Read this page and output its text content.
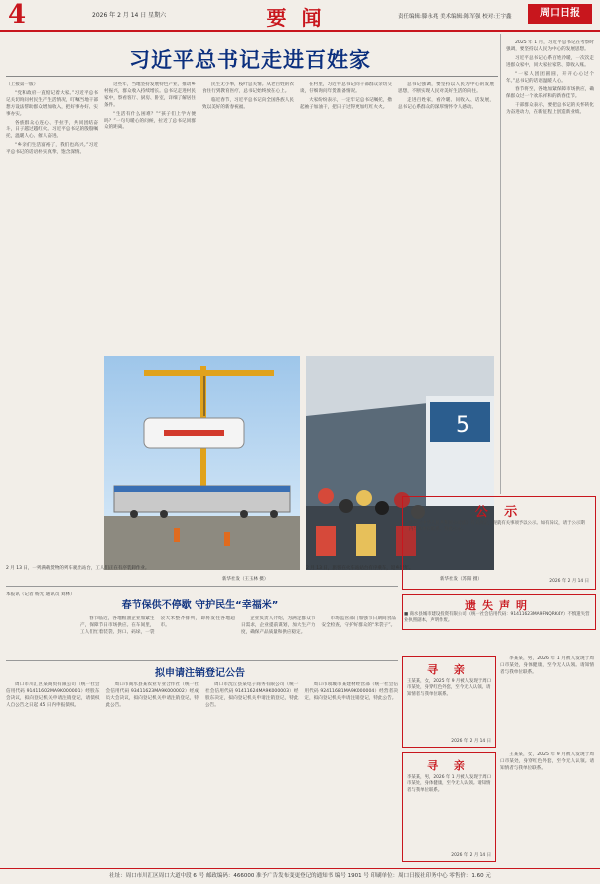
4	2026 年 2 月 14 日 星期六	要 闻	责任编辑:滕永兆 美术编辑:陈军强 校对:王宇鑫	周口日报
习近平总书记走进百姓家

（上接第一版）

“党和政府一直惦记着大家。”习近平总书记关切询问村民生产生活情况，叮嘱当地干部想方设法帮助群众增加收入，把好事办好、实事办实。

各族群众心连心、手拉手，共同团结奋斗，日子越过越红火。习近平总书记的殷殷嘱托，温暖人心、催人奋进。

“乡亲们生活富裕了，我们也高兴。”习近平总书记的话语朴实真挚，饱含深情。

这些年，当地坚持发展特色产业，推动乡村振兴，群众收入持续增长。总书记走进村民家中，察看客厅、厨房、卧室，详细了解居住条件。

“生活有什么困难？”“孩子们上学方便吗？”一句句暖心的问候，拉近了总书记同群众的距离。

民生无小事，枝叶总关情。从老百姓的衣食住行到教育医疗，总书记始终放在心上。

临近春节，习近平总书记向全国各族人民致以美好的新春祝福。

在村里，习近平总书记同干部群众亲切交谈，仔细询问年货准备情况。

大家纷纷表示，一定牢记总书记嘱托，撸起袖子加油干，把日子过得更加红红火火。

总书记强调，要坚持以人民为中心的发展思想，不断实现人民对美好生活的向往。

走进百姓家，看冷暖、问收入、话发展，总书记心系群众的深厚情怀令人感动。

2 月 13 日，一列满载货物的列车驶出站台，工人们正在有序装卸作业。
新华社发（王玉林 摄）
5
2 月 13 日，旅客在火车站站台有序乘车，返乡过年。
新华社发（苏阳 摄）

2025 年 1 月，习近平总书记在考察时强调，要坚持以人民为中心的发展思想。

习近平总书记心系百姓冷暖，一次次走进群众家中，同大家拉家常、算收入账。

“一家人团团圆圆，开开心心过个年。”总书记的话语温暖人心。

春节将至，各地加紧保障市场供应，确保群众过一个欢乐祥和的新春佳节。

干部群众表示，要把总书记的关怀转化为奋进动力，在新征程上创造新业绩。

公 示
依照《中华人民共和国公司法》有关规定，现就有关事项予以公示。如有异议，请于公示期内与本单位联系。特此公示。
2026 年 2 月 14 日
遗失声明
■ 商水县城市建设投资有限公司（统一社会信用代码：91411623MA9FNQRK4Y）不慎遗失营业执照副本，声明作废。
寻 亲
王某某，女，2025 年 9 月被人发现于周口市某处，身穿红色外套，至今无人认领。请知情者与我单位联系。
2026 年 2 月 14 日

李某某，男，2026 年 1 月被人发现于周口市某处，身体健康，至今无人认领。请知情者与我单位联系。

寻 亲
李某某，男，2026 年 1 月被人发现于周口市某处，身体健康，至今无人认领。请知情者与我单位联系。
2026 年 2 月 14 日

王某某，女，2025 年 9 月被人发现于周口市某处，身穿红色外套，至今无人认领。请知情者与我单位联系。

本报讯（记者 杨光 通讯员 刘林）

春节保供不停歇 守护民生“幸福米”

春节临近，各地粮油企业加紧生产，保障节日市场供应。在车间里，工人们忙着装袋、封口、码垛，一袋袋大米整齐排列，即将发往各地超市。

企业负责人介绍，为满足群众节日需求，企业提前谋划，加大生产力度，确保产品质量和供应稳定。

市场监管部门加强节日期间食品安全检查，守护好群众的“米袋子”。

拟申请注销登记公告

周口市川汇区某商贸有限公司（统一社会信用代码 91411602MA9K000001）经股东会决议，拟向登记机关申请注销登记，请债权人自公告之日起 45 日内申报债权。

周口市商水县某农业专业合作社（统一社会信用代码 93411623MA9K000002）经成员大会决议，拟向登记机关申请注销登记，特此公告。

周口市沈丘县某电子商务有限公司（统一社会信用代码 91411624MA9K000003）经股东决定，拟向登记机关申请注销登记，特此公告。

周口市项城市某建材经营部（统一社会信用代码 92411681MA9K000004）经营者决定，拟向登记机关申请注销登记，特此公告。

社址：周口市川汇区周口大道中段 6 号 邮政编码：466000 准予广告发布变更登记的通知书 编号 1901 号 印刷单位：周口日报社印务中心 零售价：1.60 元
